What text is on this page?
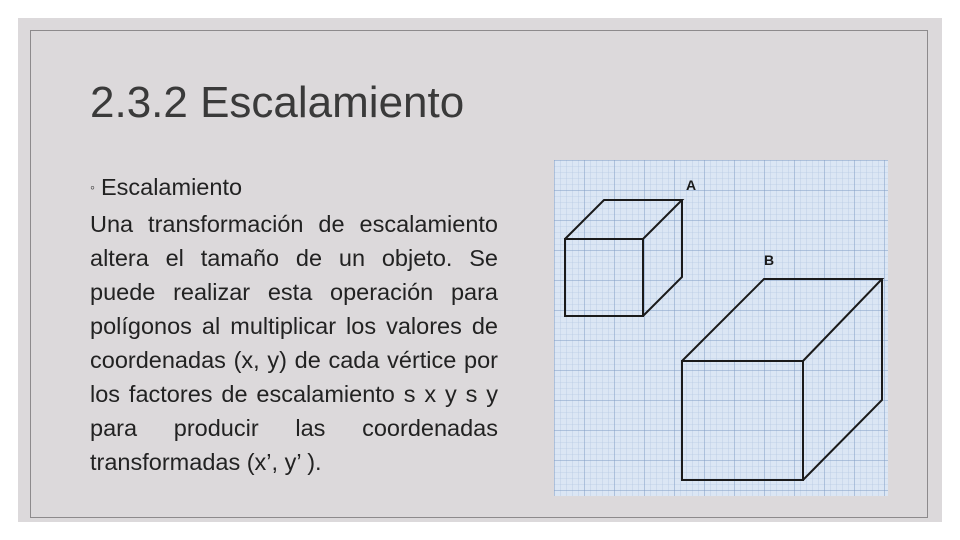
2.3.2 Escalamiento
◦ Escalamiento
Una transformación de escalamiento altera el tamaño de un objeto. Se puede realizar esta operación para polígonos al multiplicar los valores de coordenadas (x, y) de cada vértice por los factores de escalamiento s x y s y para producir las coordenadas transformadas (x’, y’ ).
A
B
